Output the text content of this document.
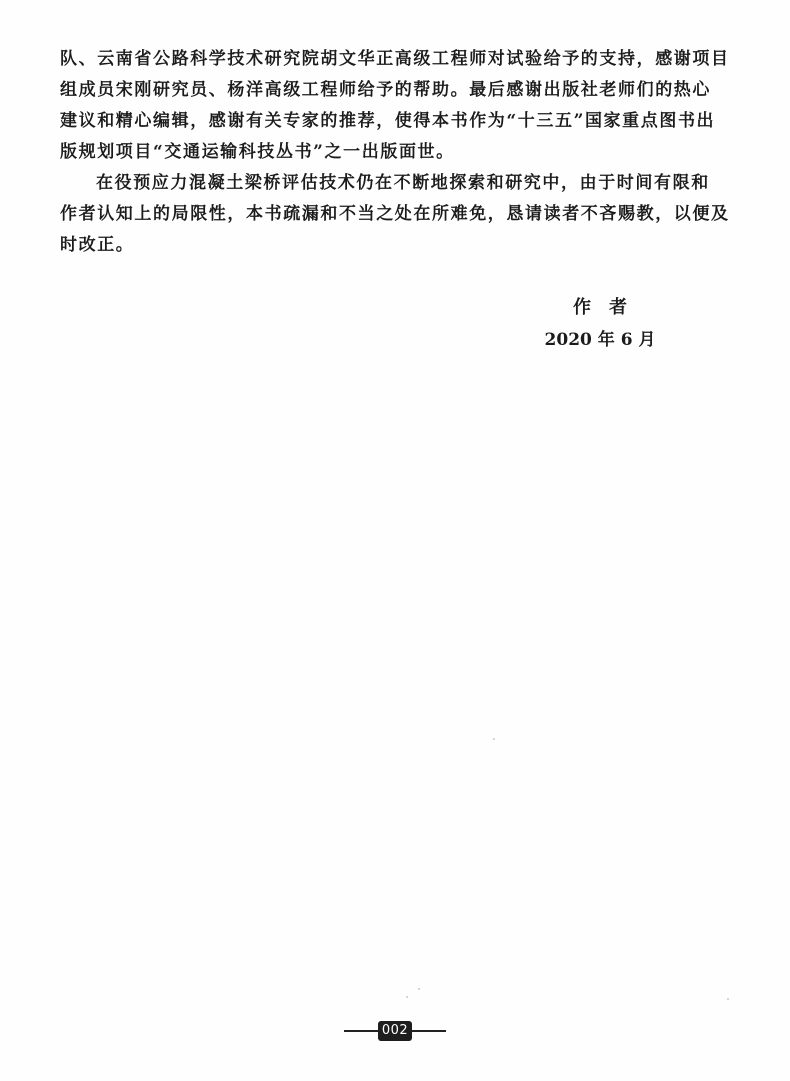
队、云南省公路科学技术研究院胡文华正高级工程师对试验给予的支持，感谢项目
组成员宋刚研究员、杨洋高级工程师给予的帮助。最后感谢出版社老师们的热心
建议和精心编辑，感谢有关专家的推荐，使得本书作为“十三五”国家重点图书出
版规划项目“交通运输科技丛书”之一出版面世。
在役预应力混凝土梁桥评估技术仍在不断地探索和研究中，由于时间有限和
作者认知上的局限性，本书疏漏和不当之处在所难免，恳请读者不吝赐教，以便及
时改正。
作者
2020 年 6 月
002
